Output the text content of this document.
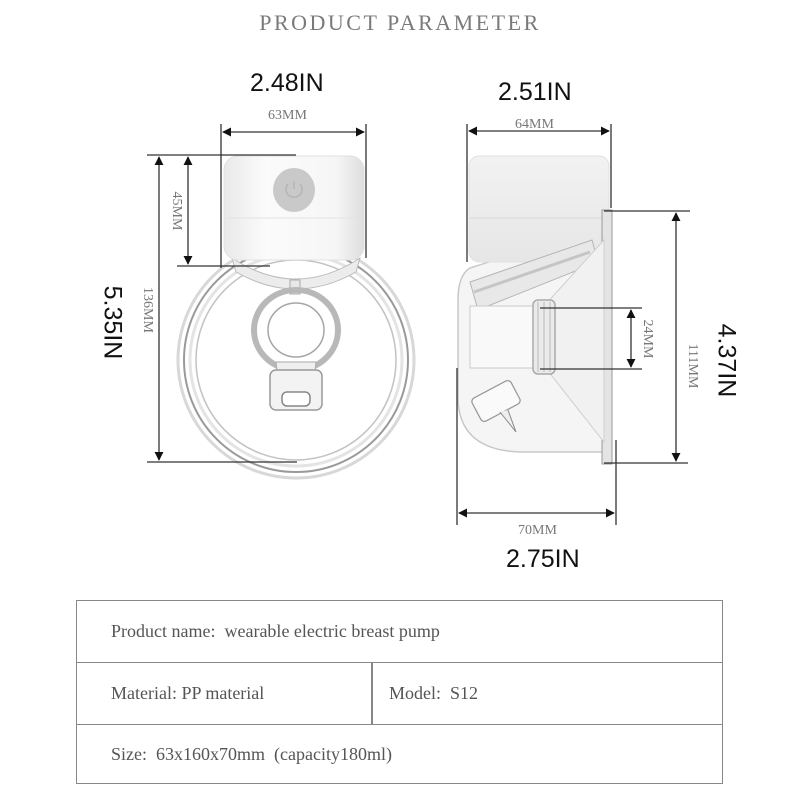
PRODUCT PARAMETER
2.48IN
63MM
5.35IN 136MM
45MM
2.51IN
64MM
4.37IN
111MM
24MM
70MM
2.75IN
Product name:  wearable electric breast pump
Material: PP material	Model:  S12
Size:  63x160x70mm  (capacity180ml)
